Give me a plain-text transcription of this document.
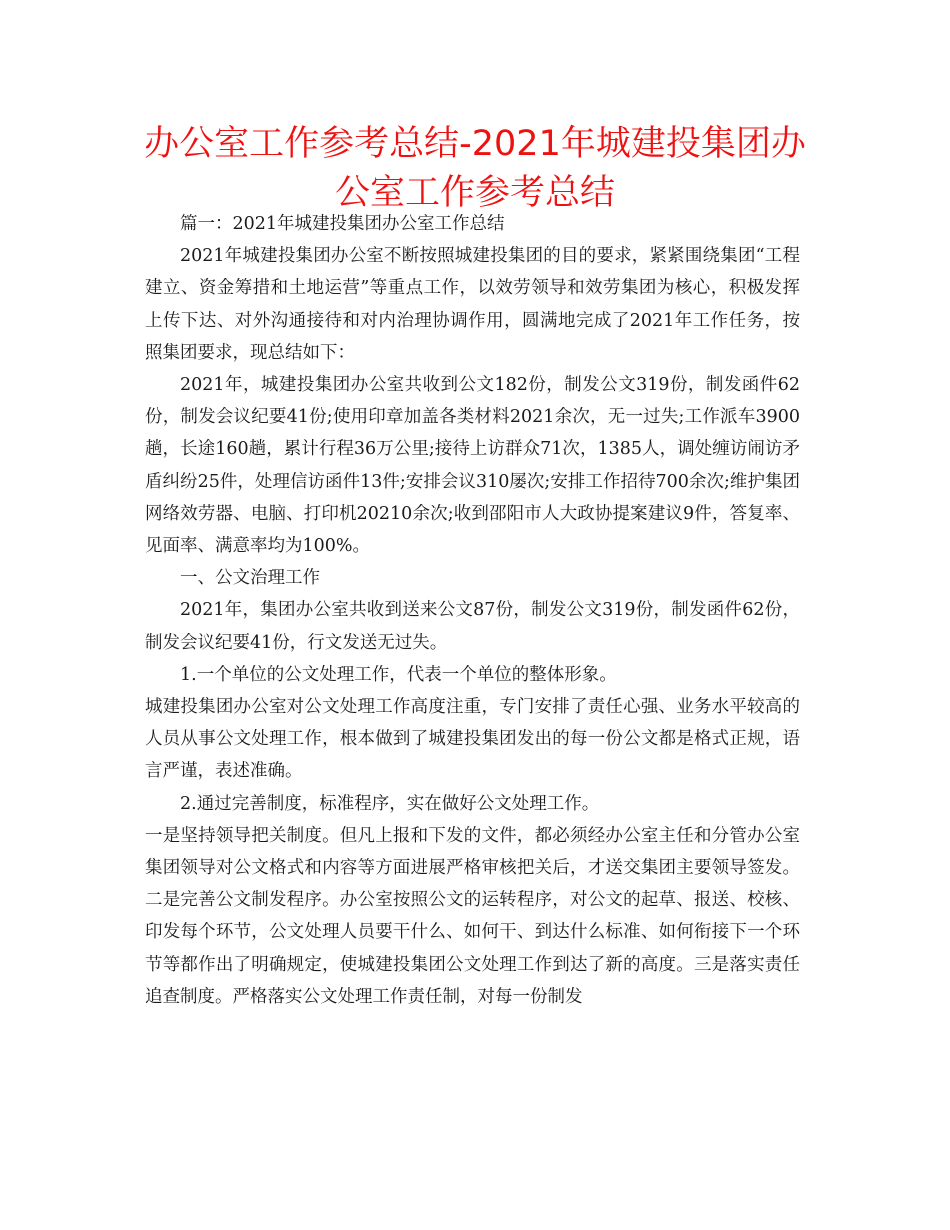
办公室工作参考总结-2021年城建投集团办公室工作参考总结

篇一：2021年城建投集团办公室工作总结

2021年城建投集团办公室不断按照城建投集团的目的要求，紧紧围绕集团“工程建立、资金筹措和土地运营”等重点工作，以效劳领导和效劳集团为核心，积极发挥上传下达、对外沟通接待和对内治理协调作用，圆满地完成了2021年工作任务，按照集团要求，现总结如下：

2021年，城建投集团办公室共收到公文182份，制发公文319份，制发函件62份，制发会议纪要41份;使用印章加盖各类材料2021余次，无一过失;工作派车3900趟，长途160趟，累计行程36万公里;接待上访群众71次，1385人，调处缠访闹访矛盾纠纷25件，处理信访函件13件;安排会议310屡次;安排工作招待700余次;维护集团网络效劳器、电脑、打印机20210余次;收到邵阳市人大政协提案建议9件，答复率、见面率、满意率均为100%。

一、公文治理工作

2021年，集团办公室共收到送来公文87份，制发公文319份，制发函件62份，制发会议纪要41份，行文发送无过失。

1.一个单位的公文处理工作，代表一个单位的整体形象。

城建投集团办公室对公文处理工作高度注重，专门安排了责任心强、业务水平较高的人员从事公文处理工作，根本做到了城建投集团发出的每一份公文都是格式正规，语言严谨，表述准确。

2.通过完善制度，标准程序，实在做好公文处理工作。

一是坚持领导把关制度。但凡上报和下发的文件，都必须经办公室主任和分管办公室集团领导对公文格式和内容等方面进展严格审核把关后，才送交集团主要领导签发。二是完善公文制发程序。办公室按照公文的运转程序，对公文的起草、报送、校核、印发每个环节，公文处理人员要干什么、如何干、到达什么标准、如何衔接下一个环节等都作出了明确规定，使城建投集团公文处理工作到达了新的高度。三是落实责任追查制度。严格落实公文处理工作责任制，对每一份制发
